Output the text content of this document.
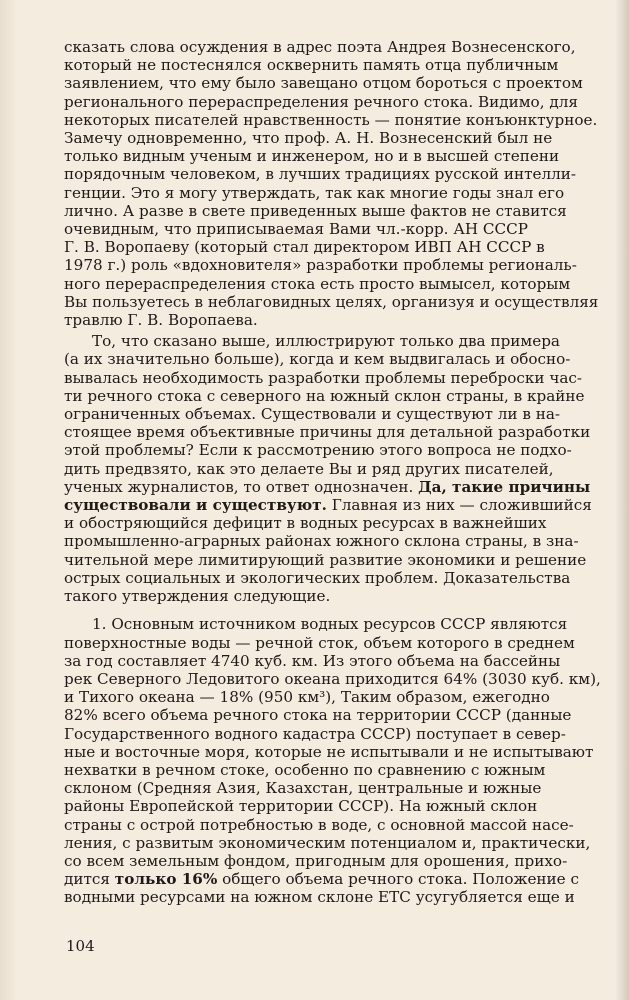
сказать слова осуждения в адрес поэта Андрея Вознесенского,
который не постеснялся осквернить память отца публичным
заявлением, что ему было завещано отцом бороться с проектом
регионального перераспределения речного стока. Видимо, для
некоторых писателей нравственность — понятие конъюнктурное.
Замечу одновременно, что проф. А. Н. Вознесенский был не
только видным ученым и инженером, но и в высшей степени
порядочным человеком, в лучших традициях русской интелли-
генции. Это я могу утверждать, так как многие годы знал его
лично. А разве в свете приведенных выше фактов не ставится
очевидным, что приписываемая Вами чл.-корр. АН СССР
Г. В. Воропаеву (который стал директором ИВП АН СССР в
1978 г.) роль «вдохновителя» разработки проблемы региональ-
ного перераспределения стока есть просто вымысел, которым
Вы пользуетесь в неблаговидных целях, организуя и осуществляя
травлю Г. В. Воропаева.

То, что сказано выше, иллюстрируют только два примера
(а их значительно больше), когда и кем выдвигалась и обосно-
вывалась необходимость разработки проблемы переброски час-
ти речного стока с северного на южный склон страны, в крайне
ограниченных объемах. Существовали и существуют ли в на-
стоящее время объективные причины для детальной разработки
этой проблемы? Если к рассмотрению этого вопроса не подхо-
дить предвзято, как это делаете Вы и ряд других писателей,
ученых журналистов, то ответ однозначен. Да, такие причины
существовали и существуют. Главная из них — сложившийся
и обостряющийся дефицит в водных ресурсах в важнейших
промышленно-аграрных районах южного склона страны, в зна-
чительной мере лимитирующий развитие экономики и решение
острых социальных и экологических проблем. Доказательства
такого утверждения следующие.

1. Основным источником водных ресурсов СССР являются
поверхностные воды — речной сток, объем которого в среднем
за год составляет 4740 куб. км. Из этого объема на бассейны
рек Северного Ледовитого океана приходится 64% (3030 куб. км),
и Тихого океана — 18% (950 км³), Таким образом, ежегодно
82% всего объема речного стока на территории СССР (данные
Государственного водного кадастра СССР) поступает в север-
ные и восточные моря, которые не испытывали и не испытывают
нехватки в речном стоке, особенно по сравнению с южным
склоном (Средняя Азия, Казахстан, центральные и южные
районы Европейской территории СССР). На южный склон
страны с острой потребностью в воде, с основной массой насе-
ления, с развитым экономическим потенциалом и, практически,
со всем земельным фондом, пригодным для орошения, прихо-
дится только 16% общего объема речного стока. Положение с
водными ресурсами на южном склоне ЕТС усугубляется еще и

104
